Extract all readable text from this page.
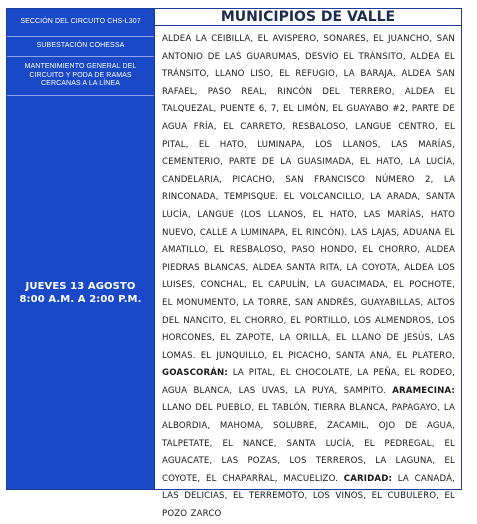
SECCIÓN DEL CIRCUITO CHS-L307
SUBESTACIÓN COHESSA
MANTENIMIENTO GENERAL DEL CIRCUITO Y PODA DE RAMAS CERCANAS A LA LÍNEA
JUEVES 13 AGOSTO
8:00 A.M. A 2:00 P.M.
MUNICIPIOS DE VALLE
ALDEA LA CEIBILLA, EL AVISPERO, SONARES, EL JUANCHO, SAN ANTONIO DE LAS GUARUMAS, DESVÍO EL TRÁNSITO, ALDEA EL TRÁNSITO, LLANO LISO, EL REFUGIO, LA BARAJA, ALDEA SAN RAFAEL, PASO REAL, RINCÓN DEL TERRERO, ALDEA EL TALQUEZAL, PUENTE 6, 7, EL LIMÓN, EL GUAYABO #2, PARTE DE AGUA FRÍA, EL CARRETO, RESBALOSO, LANGUE CENTRO, EL PITAL, EL HATO, LUMINAPA, LOS LLANOS, LAS MARÍAS, CEMENTERIO, PARTE DE LA GUASIMADA, EL HATO, LA LUCÍA, CANDELARIA, PICACHO, SAN FRANCISCO NÚMERO 2, LA RINCONADA, TEMPISQUE. EL VOLCANCILLO, LA ARADA, SANTA LUCÍA, LANGUE (LOS LLANOS, EL HATO, LAS MARÍAS, HATO NUEVO, CALLE A LUMINAPA, EL RINCÓN). LAS LAJAS, ADUANA EL AMATILLO, EL RESBALOSO, PASO HONDO, EL CHORRO, ALDEA PIEDRAS BLANCAS, ALDEA SANTA RITA, LA COYOTA, ALDEA LOS LUISES, CONCHAL, EL CAPULÍN, LA GUACIMADA, EL POCHOTE, EL MONUMENTO, LA TORRE, SAN ANDRÉS, GUAYABILLAS, ALTOS DEL NANCITO, EL CHORRO, EL PORTILLO, LOS ALMENDROS, LOS HORCONES, EL ZAPOTE, LA ORILLA, EL LLANO DE JESÚS, LAS LOMAS. EL JUNQUILLO, EL PICACHO, SANTA ANA, EL PLATERO, GOASCORÁN: LA PITAL, EL CHOCOLATE, LA PEÑA, EL RODEO, AGUA BLANCA, LAS UVAS, LA PUYA, SAMPITO. ARAMECINA: LLANO DEL PUEBLO, EL TABLÓN, TIERRA BLANCA, PAPAGAYO, LA ALBORDIA, MAHOMA, SOLUBRE, ZACAMIL, OJO DE AGUA, TALPETATE, EL NANCE, SANTA LUCÍA, EL PEDREGAL, EL AGUACATE, LAS POZAS, LOS TERREROS, LA LAGUNA, EL COYOTE, EL CHAPARRAL, MACUELIZO. CARIDAD: LA CANADÁ, LAS DELICIAS, EL TERREMOTO, LOS VINOS, EL CUBULERO, EL POZO ZARCO
